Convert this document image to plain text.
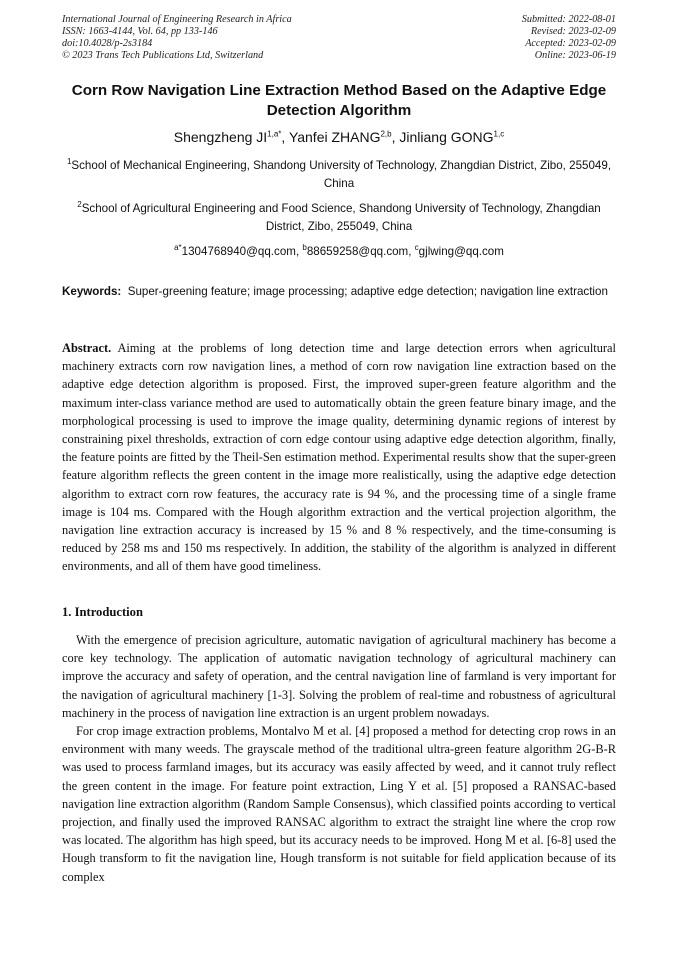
International Journal of Engineering Research in Africa
ISSN: 1663-4144, Vol. 64, pp 133-146
doi:10.4028/p-2s3184
© 2023 Trans Tech Publications Ltd, Switzerland
Submitted: 2022-08-01
Revised: 2023-02-09
Accepted: 2023-02-09
Online: 2023-06-19
Corn Row Navigation Line Extraction Method Based on the Adaptive Edge Detection Algorithm
Shengzheng $JI^{1,a*}$, Yanfei ZHANG$^{2,b}$, Jinliang GONG$^{1,c}$
$^1$School of Mechanical Engineering, Shandong University of Technology, Zhangdian District, Zibo, 255049, China
$^2$School of Agricultural Engineering and Food Science, Shandong University of Technology, Zhangdian District, Zibo, 255049, China
$^{a*}$1304768940@qq.com, $^b$88659258@qq.com, $^c$gjlwing@qq.com
Keywords: Super-greening feature; image processing; adaptive edge detection; navigation line extraction

Abstract. Aiming at the problems of long detection time and large detection errors when agricultural machinery extracts corn row navigation lines, a method of corn row navigation line extraction based on the adaptive edge detection algorithm is proposed. First, the improved super-green feature algorithm and the maximum inter-class variance method are used to automatically obtain the green feature binary image, and the morphological processing is used to improve the image quality, determining dynamic regions of interest by constraining pixel thresholds, extraction of corn edge contour using adaptive edge detection algorithm, finally, the feature points are fitted by the Theil-Sen estimation method. Experimental results show that the super-green feature algorithm reflects the green content in the image more realistically, using the adaptive edge detection algorithm to extract corn row features, the accuracy rate is 94 %, and the processing time of a single frame image is 104 ms. Compared with the Hough algorithm extraction and the vertical projection algorithm, the navigation line extraction accuracy is increased by 15 % and 8 % respectively, and the time-consuming is reduced by 258 ms and 150 ms respectively. In addition, the stability of the algorithm is analyzed in different environments, and all of them have good timeliness.

1. Introduction

With the emergence of precision agriculture, automatic navigation of agricultural machinery has become a core key technology. The application of automatic navigation technology of agricultural machinery can improve the accuracy and safety of operation, and the central navigation line of farmland is very important for the navigation of agricultural machinery [1-3]. Solving the problem of real-time and robustness of agricultural machinery in the process of navigation line extraction is an urgent problem nowadays.

For crop image extraction problems, Montalvo M et al. [4] proposed a method for detecting crop rows in an environment with many weeds. The grayscale method of the traditional ultra-green feature algorithm 2G-B-R was used to process farmland images, but its accuracy was easily affected by weed, and it cannot truly reflect the green content in the image. For feature point extraction, Ling Y et al. [5] proposed a RANSAC-based navigation line extraction algorithm (Random Sample Consensus), which classified points according to vertical projection, and finally used the improved RANSAC algorithm to extract the straight line where the crop row was located. The algorithm has high speed, but its accuracy needs to be improved. Hong M et al. [6-8] used the Hough transform to fit the navigation line, Hough transform is not suitable for field application because of its complex
